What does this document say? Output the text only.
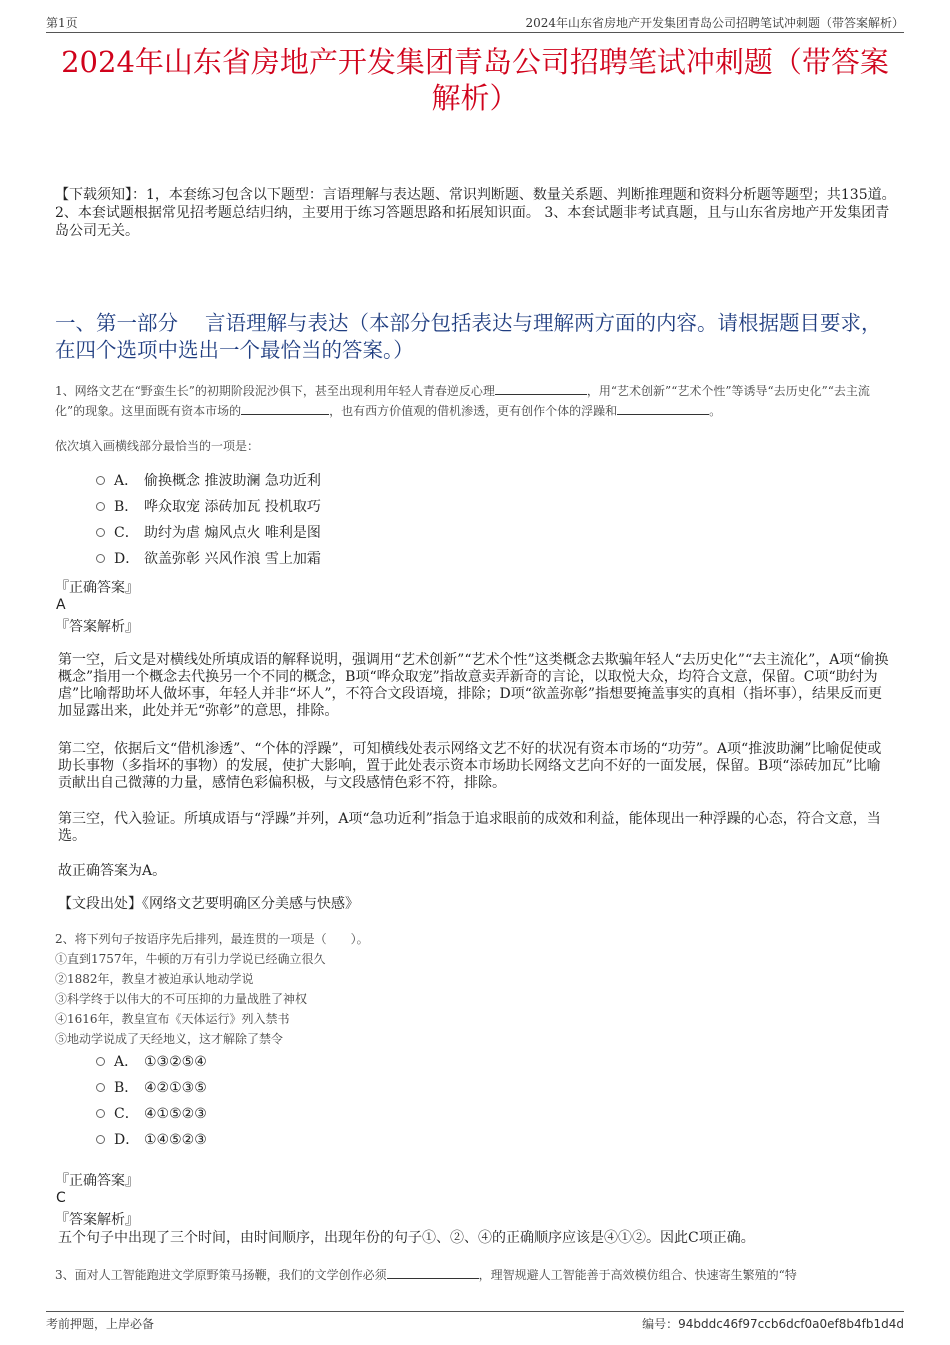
第1页	2024年山东省房地产开发集团青岛公司招聘笔试冲刺题（带答案解析）
2024年山东省房地产开发集团青岛公司招聘笔试冲刺题（带答案解析）
【下载须知】：1，本套练习包含以下题型：言语理解与表达题、常识判断题、数量关系题、判断推理题和资料分析题等题型；共135道。 2、本套试题根据常见招考题总结归纳，主要用于练习答题思路和拓展知识面。 3、本套试题非考试真题，且与山东省房地产开发集团青岛公司无关。
一、第一部分　 言语理解与表达（本部分包括表达与理解两方面的内容。请根据题目要求，在四个选项中选出一个最恰当的答案。）
1、网络文艺在“野蛮生长”的初期阶段泥沙俱下，甚至出现利用年轻人青春逆反心理	，用“艺术创新”“艺术个性”等诱导“去历史化”“去主流化”的现象。这里面既有资本市场的	，也有西方价值观的借机渗透，更有创作个体的浮躁和	。
依次填入画横线部分最恰当的一项是：
A． 偷换概念 推波助澜 急功近利
B． 哗众取宠 添砖加瓦 投机取巧
C． 助纣为虐 煽风点火 唯利是图
D． 欲盖弥彰 兴风作浪 雪上加霜
『正确答案』
A
『答案解析』
第一空，后文是对横线处所填成语的解释说明，强调用“艺术创新”“艺术个性”这类概念去欺骗年轻人“去历史化”“去主流化”，A项“偷换概念”指用一个概念去代换另一个不同的概念，B项“哗众取宠”指故意卖弄新奇的言论，以取悦大众，均符合文意，保留。C项“助纣为虐”比喻帮助坏人做坏事，年轻人并非“坏人”，不符合文段语境，排除；D项“欲盖弥彰”指想要掩盖事实的真相（指坏事），结果反而更加显露出来，此处并无“弥彰”的意思，排除。
第二空，依据后文“借机渗透”、“个体的浮躁”，可知横线处表示网络文艺不好的状况有资本市场的“功劳”。A项“推波助澜”比喻促使或助长事物（多指坏的事物）的发展，使扩大影响，置于此处表示资本市场助长网络文艺向不好的一面发展，保留。B项“添砖加瓦”比喻贡献出自己微薄的力量，感情色彩偏积极，与文段感情色彩不符，排除。
第三空，代入验证。所填成语与“浮躁”并列，A项“急功近利”指急于追求眼前的成效和利益，能体现出一种浮躁的心态，符合文意，当选。
故正确答案为A。
【文段出处】《网络文艺要明确区分美感与快感》
2、将下列句子按语序先后排列，最连贯的一项是（　　）。
①直到1757年，牛顿的万有引力学说已经确立很久
②1882年，教皇才被迫承认地动学说
③科学终于以伟大的不可压抑的力量战胜了神权
④1616年，教皇宣布《天体运行》列入禁书
⑤地动学说成了天经地义，这才解除了禁令
A． ①③②⑤④
B． ④②①③⑤
C． ④①⑤②③
D． ①④⑤②③
『正确答案』
C
『答案解析』
五个句子中出现了三个时间，由时间顺序，出现年份的句子①、②、④的正确顺序应该是④①②。因此C项正确。
3、面对人工智能跑进文学原野策马扬鞭，我们的文学创作必须	，理智规避人工智能善于高效模仿组合、快速寄生繁殖的“特
考前押题，上岸必备	编号：94bddc46f97ccb6dcf0a0ef8b4fb1d4d
